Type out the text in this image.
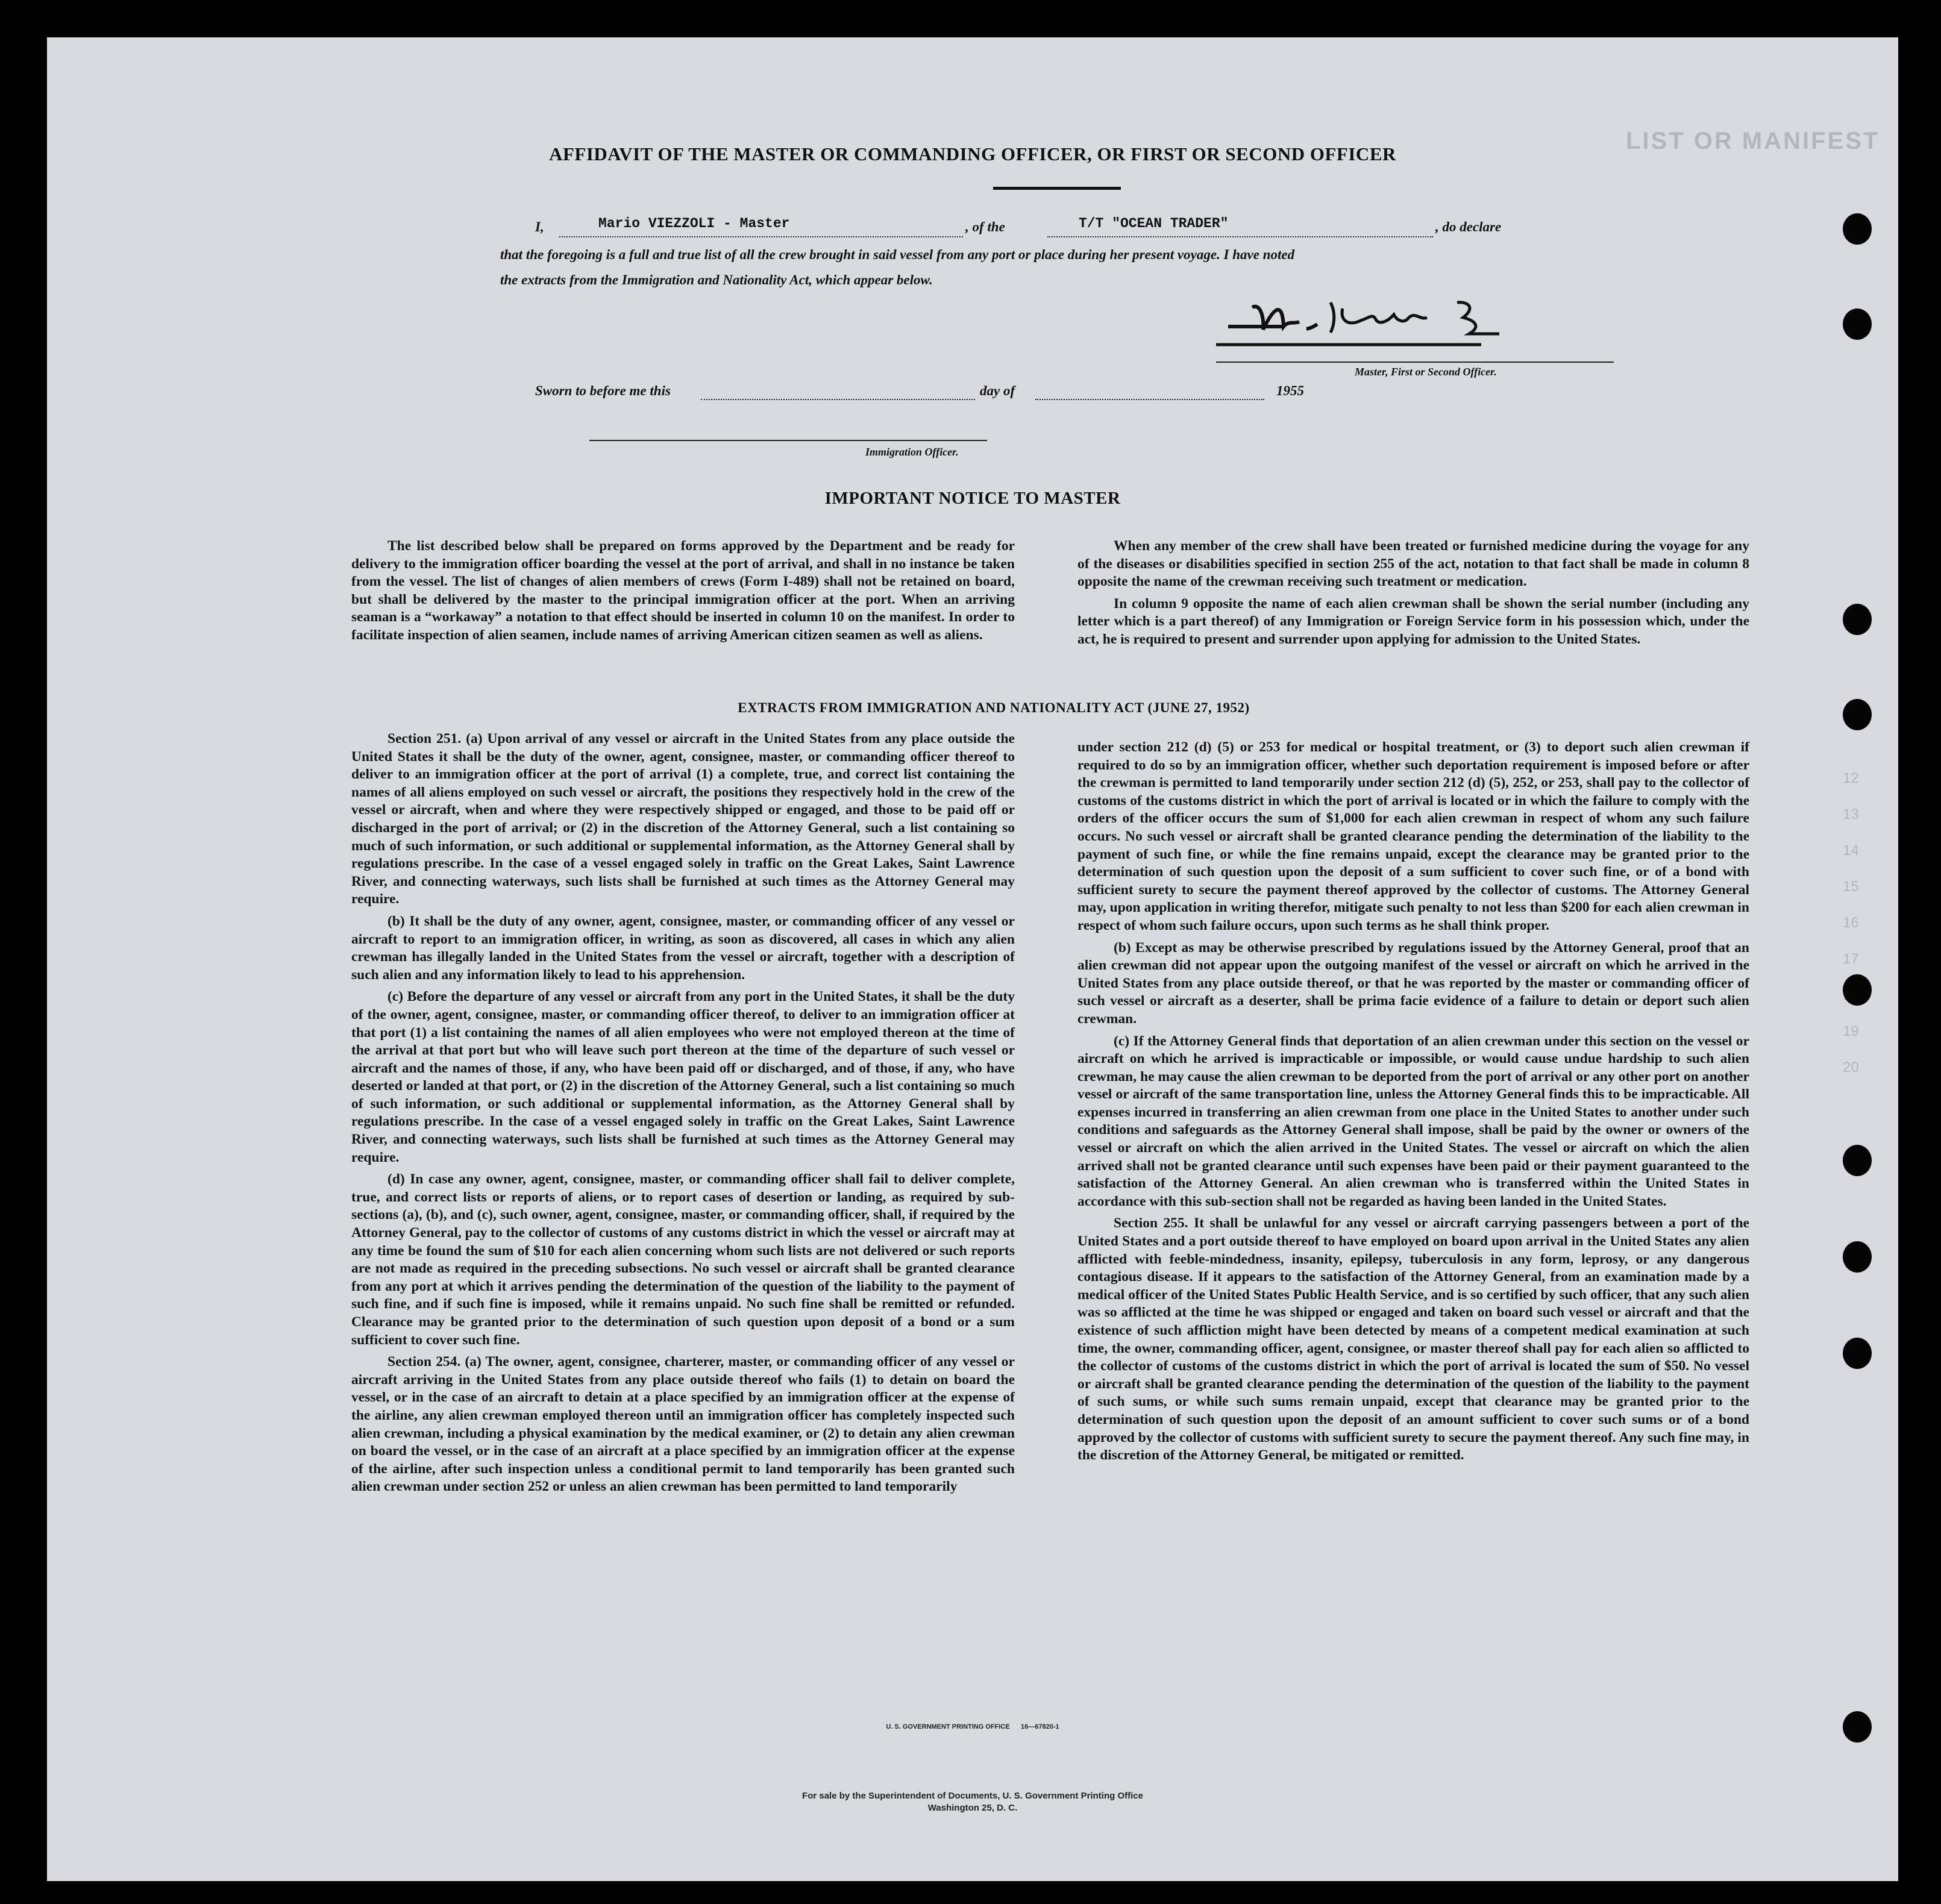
LIST OR MANIFEST
12
13
14
15
16
17

19
20
AFFIDAVIT OF THE MASTER OR COMMANDING OFFICER, OR FIRST OR SECOND OFFICER
I,	Mario VIEZZOLI - Master	, of the	T/T "OCEAN TRADER"	, do declare
that the foregoing is a full and true list of all the crew brought in said vessel from any port or place during her present voyage. I have noted
the extracts from the Immigration and Nationality Act, which appear below.
Master, First or Second Officer.
Sworn to before me this	day of	1955
Immigration Officer.
IMPORTANT NOTICE TO MASTER

The list described below shall be prepared on forms approved by the Department and be ready for delivery to the immigration officer boarding the vessel at the port of arrival, and shall in no instance be taken from the vessel. The list of changes of alien members of crews (Form I-489) shall not be retained on board, but shall be delivered by the master to the principal immigration officer at the port. When an arriving seaman is a “workaway” a notation to that effect should be inserted in column 10 on the manifest. In order to facilitate inspection of alien seamen, include names of arriving American citizen seamen as well as aliens.

When any member of the crew shall have been treated or furnished medicine during the voyage for any of the diseases or disabilities specified in section 255 of the act, notation to that fact shall be made in column 8 opposite the name of the crewman receiving such treatment or medication.

In column 9 opposite the name of each alien crewman shall be shown the serial number (including any letter which is a part thereof) of any Immigration or Foreign Service form in his possession which, under the act, he is required to present and surrender upon applying for admission to the United States.

EXTRACTS FROM IMMIGRATION AND NATIONALITY ACT (JUNE 27, 1952)

Section 251. (a) Upon arrival of any vessel or aircraft in the United States from any place outside the United States it shall be the duty of the owner, agent, consignee, master, or commanding officer thereof to deliver to an immigration officer at the port of arrival (1) a complete, true, and correct list containing the names of all aliens employed on such vessel or aircraft, the positions they respectively hold in the crew of the vessel or aircraft, when and where they were respectively shipped or engaged, and those to be paid off or discharged in the port of arrival; or (2) in the discretion of the Attorney General, such a list containing so much of such information, or such additional or supplemental information, as the Attorney General shall by regulations prescribe. In the case of a vessel engaged solely in traffic on the Great Lakes, Saint Lawrence River, and connecting waterways, such lists shall be furnished at such times as the Attorney General may require.

(b) It shall be the duty of any owner, agent, consignee, master, or commanding officer of any vessel or aircraft to report to an immigration officer, in writing, as soon as discovered, all cases in which any alien crewman has illegally landed in the United States from the vessel or aircraft, together with a description of such alien and any information likely to lead to his apprehension.

(c) Before the departure of any vessel or aircraft from any port in the United States, it shall be the duty of the owner, agent, consignee, master, or commanding officer thereof, to deliver to an immigration officer at that port (1) a list containing the names of all alien employees who were not employed thereon at the time of the arrival at that port but who will leave such port thereon at the time of the departure of such vessel or aircraft and the names of those, if any, who have been paid off or discharged, and of those, if any, who have deserted or landed at that port, or (2) in the discretion of the Attorney General, such a list containing so much of such information, or such additional or supplemental information, as the Attorney General shall by regulations prescribe. In the case of a vessel engaged solely in traffic on the Great Lakes, Saint Lawrence River, and connecting waterways, such lists shall be furnished at such times as the Attorney General may require.

(d) In case any owner, agent, consignee, master, or commanding officer shall fail to deliver complete, true, and correct lists or reports of aliens, or to report cases of desertion or landing, as required by sub-sections (a), (b), and (c), such owner, agent, consignee, master, or commanding officer, shall, if required by the Attorney General, pay to the collector of customs of any customs district in which the vessel or aircraft may at any time be found the sum of $10 for each alien concerning whom such lists are not delivered or such reports are not made as required in the preceding subsections. No such vessel or aircraft shall be granted clearance from any port at which it arrives pending the determination of the question of the liability to the payment of such fine, and if such fine is imposed, while it remains unpaid. No such fine shall be remitted or refunded. Clearance may be granted prior to the determination of such question upon deposit of a bond or a sum sufficient to cover such fine.

Section 254. (a) The owner, agent, consignee, charterer, master, or commanding officer of any vessel or aircraft arriving in the United States from any place outside thereof who fails (1) to detain on board the vessel, or in the case of an aircraft to detain at a place specified by an immigration officer at the expense of the airline, any alien crewman employed thereon until an immigration officer has completely inspected such alien crewman, including a physical examination by the medical examiner, or (2) to detain any alien crewman on board the vessel, or in the case of an aircraft at a place specified by an immigration officer at the expense of the airline, after such inspection unless a conditional permit to land temporarily has been granted such alien crewman under section 252 or unless an alien crewman has been permitted to land temporarily

under section 212 (d) (5) or 253 for medical or hospital treatment, or (3) to deport such alien crewman if required to do so by an immigration officer, whether such deportation requirement is imposed before or after the crewman is permitted to land temporarily under section 212 (d) (5), 252, or 253, shall pay to the collector of customs of the customs district in which the port of arrival is located or in which the failure to comply with the orders of the officer occurs the sum of $1,000 for each alien crewman in respect of whom any such failure occurs. No such vessel or aircraft shall be granted clearance pending the determination of the liability to the payment of such fine, or while the fine remains unpaid, except the clearance may be granted prior to the determination of such question upon the deposit of a sum sufficient to cover such fine, or of a bond with sufficient surety to secure the payment thereof approved by the collector of customs. The Attorney General may, upon application in writing therefor, mitigate such penalty to not less than $200 for each alien crewman in respect of whom such failure occurs, upon such terms as he shall think proper.

(b) Except as may be otherwise prescribed by regulations issued by the Attorney General, proof that an alien crewman did not appear upon the outgoing manifest of the vessel or aircraft on which he arrived in the United States from any place outside thereof, or that he was reported by the master or commanding officer of such vessel or aircraft as a deserter, shall be prima facie evidence of a failure to detain or deport such alien crewman.

(c) If the Attorney General finds that deportation of an alien crewman under this section on the vessel or aircraft on which he arrived is impracticable or impossible, or would cause undue hardship to such alien crewman, he may cause the alien crewman to be deported from the port of arrival or any other port on another vessel or aircraft of the same transportation line, unless the Attorney General finds this to be impracticable. All expenses incurred in transferring an alien crewman from one place in the United States to another under such conditions and safeguards as the Attorney General shall impose, shall be paid by the owner or owners of the vessel or aircraft on which the alien arrived in the United States. The vessel or aircraft on which the alien arrived shall not be granted clearance until such expenses have been paid or their payment guaranteed to the satisfaction of the Attorney General. An alien crewman who is transferred within the United States in accordance with this sub-section shall not be regarded as having been landed in the United States.

Section 255. It shall be unlawful for any vessel or aircraft carrying passengers between a port of the United States and a port outside thereof to have employed on board upon arrival in the United States any alien afflicted with feeble-mindedness, insanity, epilepsy, tuberculosis in any form, leprosy, or any dangerous contagious disease. If it appears to the satisfaction of the Attorney General, from an examination made by a medical officer of the United States Public Health Service, and is so certified by such officer, that any such alien was so afflicted at the time he was shipped or engaged and taken on board such vessel or aircraft and that the existence of such affliction might have been detected by means of a competent medical examination at such time, the owner, commanding officer, agent, consignee, or master thereof shall pay for each alien so afflicted to the collector of customs of the customs district in which the port of arrival is located the sum of $50. No vessel or aircraft shall be granted clearance pending the determination of the question of the liability to the payment of such sums, or while such sums remain unpaid, except that clearance may be granted prior to the determination of such question upon the deposit of an amount sufficient to cover such sums or of a bond approved by the collector of customs with sufficient surety to secure the payment thereof. Any such fine may, in the discretion of the Attorney General, be mitigated or remitted.

U. S. GOVERNMENT PRINTING OFFICE      16—67820-1
For sale by the Superintendent of Documents, U. S. Government Printing Office
Washington 25, D. C.
